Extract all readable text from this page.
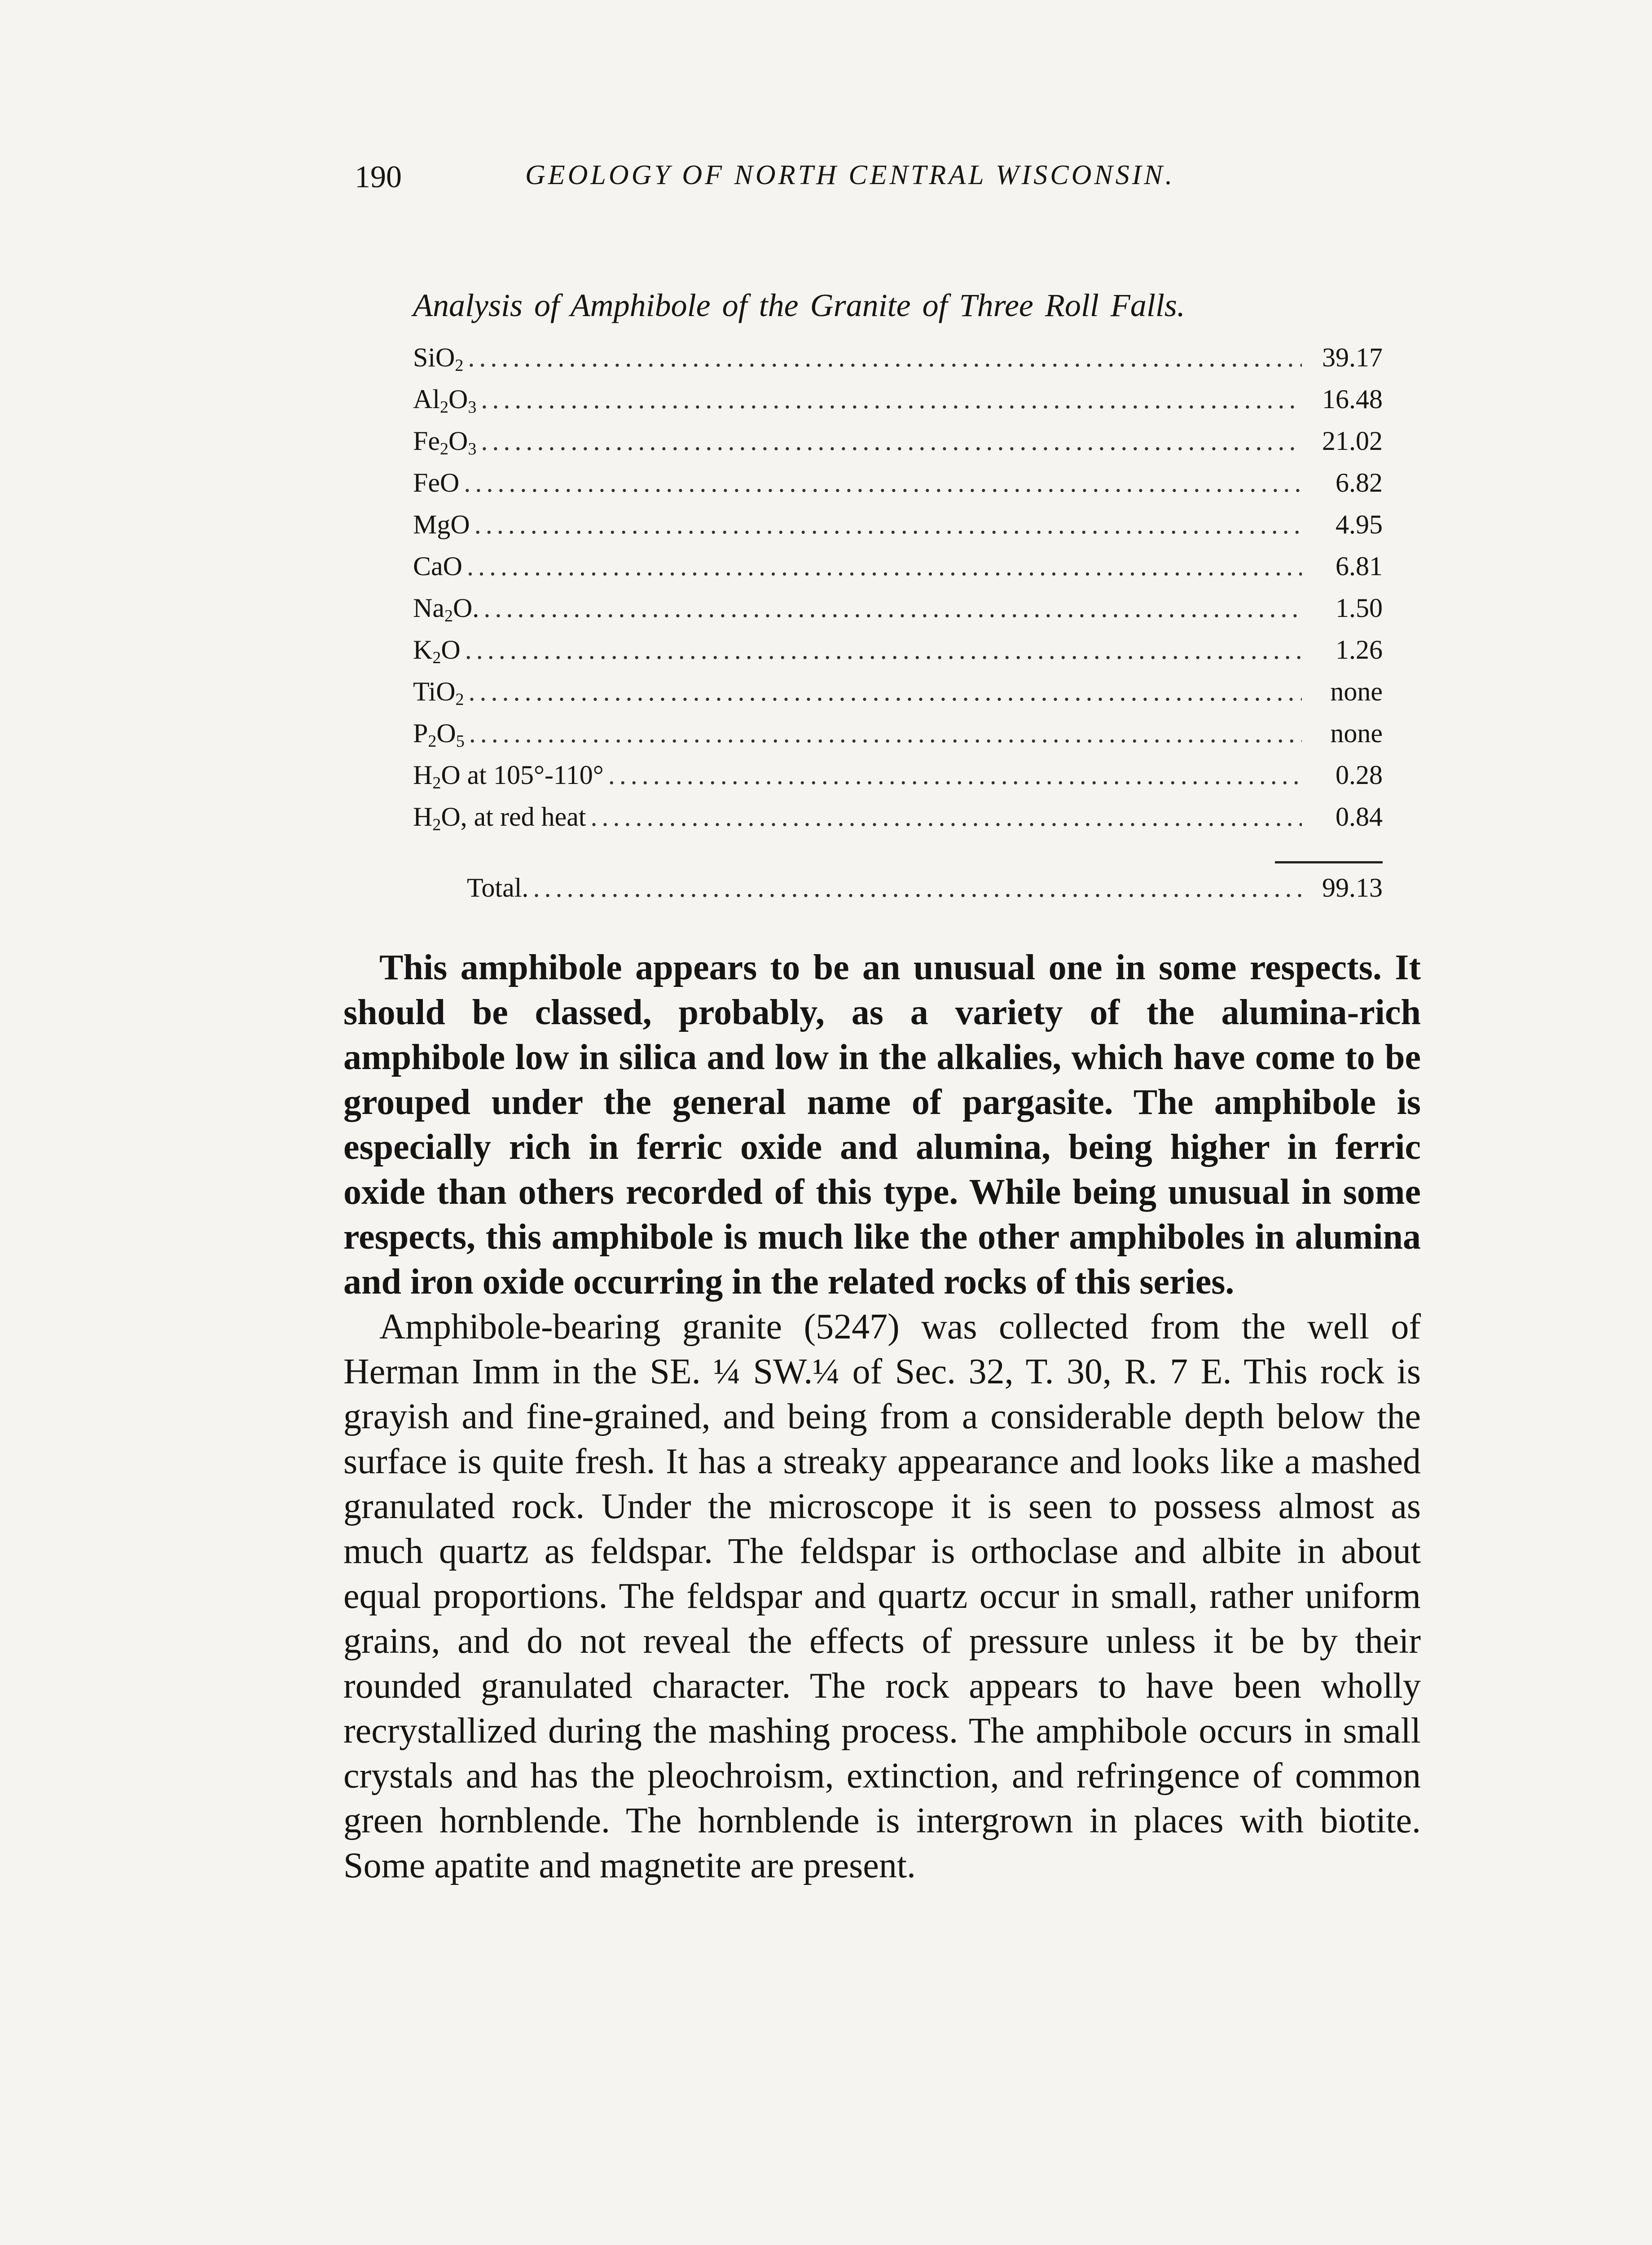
190	GEOLOGY OF NORTH CENTRAL WISCONSIN.
Analysis of Amphibole of the Granite of Three Roll Falls.
SiO$_2$ .....	39.17
$Al_2O_3$ .....	16.48
$Fe_2O_3$ .....	21.02
FeO .....	6.82
MgO .....	4.95
CaO .....	6.81
$Na_2O$. .....	1.50
$K_2O$ .....	1.26
TiO$_2$ .....	none
$P_2O_5$ .....	none
$H_2O$ at 105°-110° .....	0.28
$H_2O$, at red heat .....	0.84
Total. .....	99.13

This amphibole appears to be an unusual one in some respects. It should be classed, probably, as a variety of the alumina-rich amphibole low in silica and low in the alkalies, which have come to be grouped under the general name of pargasite. The amphibole is especially rich in ferric oxide and alumina, being higher in ferric oxide than others recorded of this type. While being unusual in some respects, this amphibole is much like the other amphiboles in alumina and iron oxide occurring in the related rocks of this series.

Amphibole-bearing granite (5247) was collected from the well of Herman Imm in the SE. ¼ SW.¼ of Sec. 32, T. 30, R. 7 E. This rock is grayish and fine-grained, and being from a considerable depth below the surface is quite fresh. It has a streaky appearance and looks like a mashed granulated rock. Under the microscope it is seen to possess almost as much quartz as feldspar. The feldspar is orthoclase and albite in about equal proportions. The feldspar and quartz occur in small, rather uniform grains, and do not reveal the effects of pressure unless it be by their rounded granulated character. The rock appears to have been wholly recrystallized during the mashing process. The amphibole occurs in small crystals and has the pleochroism, extinction, and refringence of common green hornblende. The hornblende is intergrown in places with biotite. Some apatite and magnetite are present.
